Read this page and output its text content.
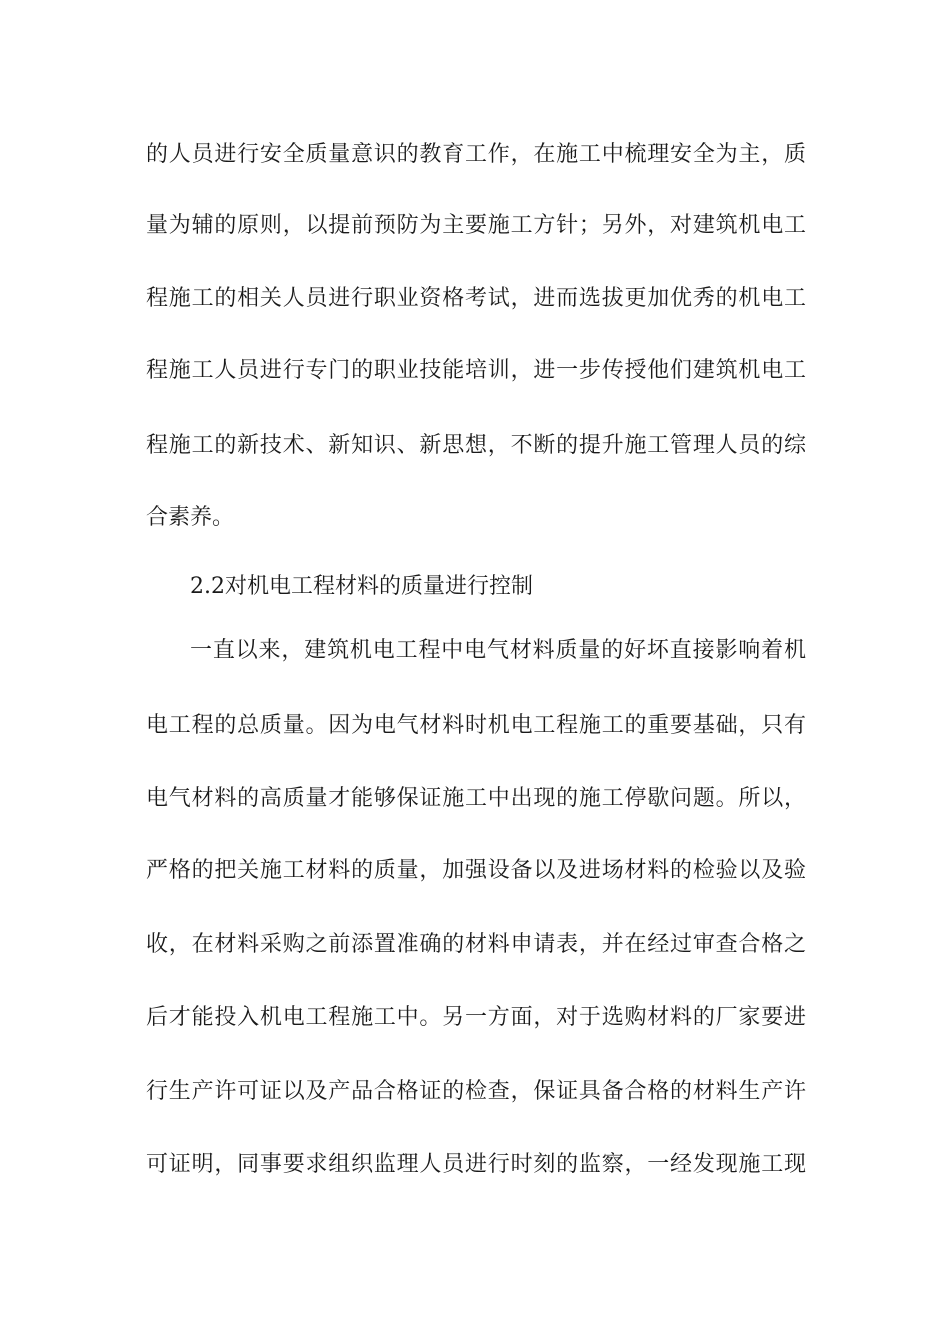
的人员进行安全质量意识的教育工作，在施工中梳理安全为主，质
量为辅的原则，以提前预防为主要施工方针；另外，对建筑机电工
程施工的相关人员进行职业资格考试，进而选拔更加优秀的机电工
程施工人员进行专门的职业技能培训，进一步传授他们建筑机电工
程施工的新技术、新知识、新思想，不断的提升施工管理人员的综
合素养。
2.2对机电工程材料的质量进行控制
一直以来，建筑机电工程中电气材料质量的好坏直接影响着机
电工程的总质量。因为电气材料时机电工程施工的重要基础，只有
电气材料的高质量才能够保证施工中出现的施工停歇问题。所以，
严格的把关施工材料的质量，加强设备以及进场材料的检验以及验
收，在材料采购之前添置准确的材料申请表，并在经过审查合格之
后才能投入机电工程施工中。另一方面，对于选购材料的厂家要进
行生产许可证以及产品合格证的检查，保证具备合格的材料生产许
可证明，同事要求组织监理人员进行时刻的监察，一经发现施工现
